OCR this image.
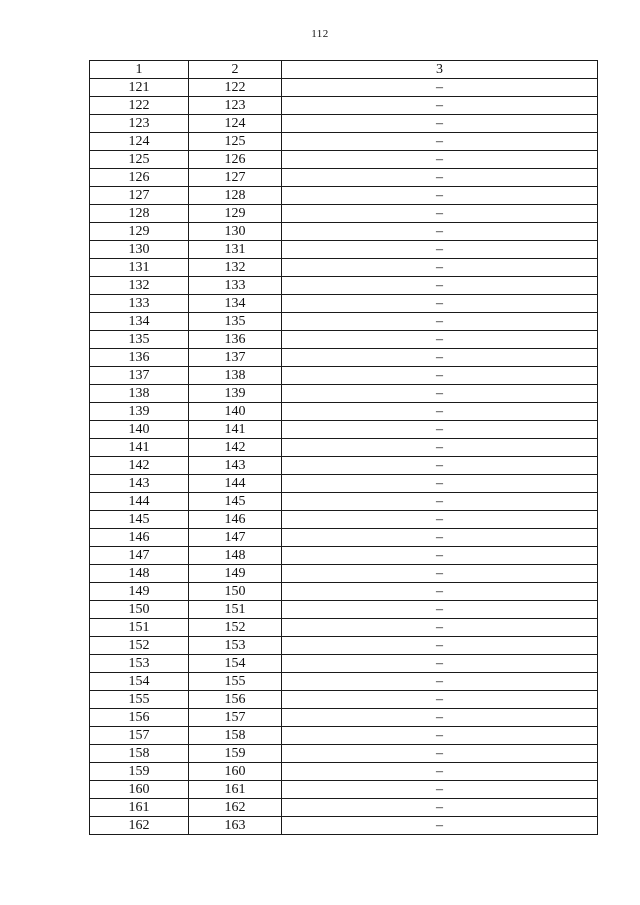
112
1	2	3
121	122	–
122	123	–
123	124	–
124	125	–
125	126	–
126	127	–
127	128	–
128	129	–
129	130	–
130	131	–
131	132	–
132	133	–
133	134	–
134	135	–
135	136	–
136	137	–
137	138	–
138	139	–
139	140	–
140	141	–
141	142	–
142	143	–
143	144	–
144	145	–
145	146	–
146	147	–
147	148	–
148	149	–
149	150	–
150	151	–
151	152	–
152	153	–
153	154	–
154	155	–
155	156	–
156	157	–
157	158	–
158	159	–
159	160	–
160	161	–
161	162	–
162	163	–
